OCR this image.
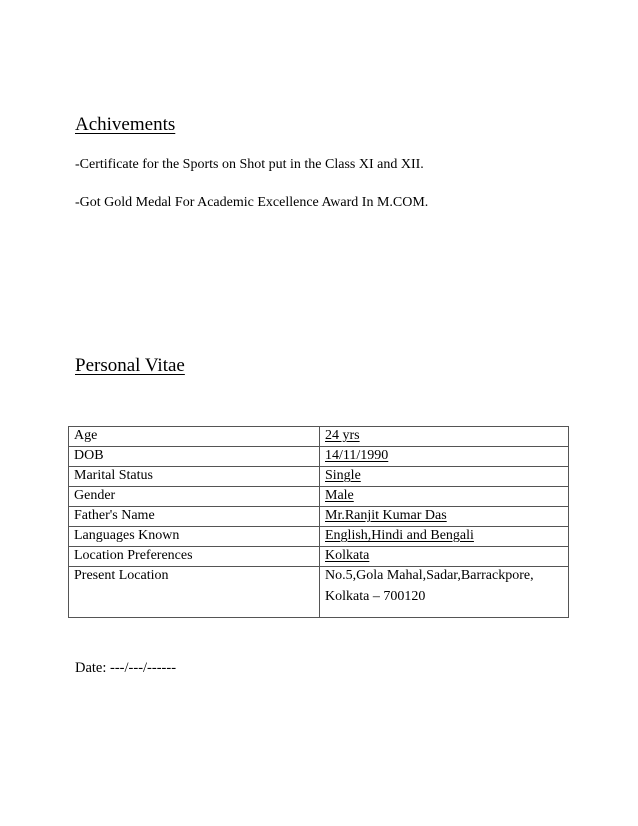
Achivements
-Certificate for the Sports on Shot put in the Class XI and XII.
-Got Gold Medal For Academic Excellence Award In M.COM.
Personal Vitae
Age	24 yrs
DOB	14/11/1990
Marital Status	Single
Gender	Male
Father's Name	Mr.Ranjit Kumar Das
Languages Known	English,Hindi and Bengali
Location Preferences	Kolkata
Present Location	No.5,Gola Mahal,Sadar,Barrackpore,
Kolkata – 700120
Date: ---/---/------
